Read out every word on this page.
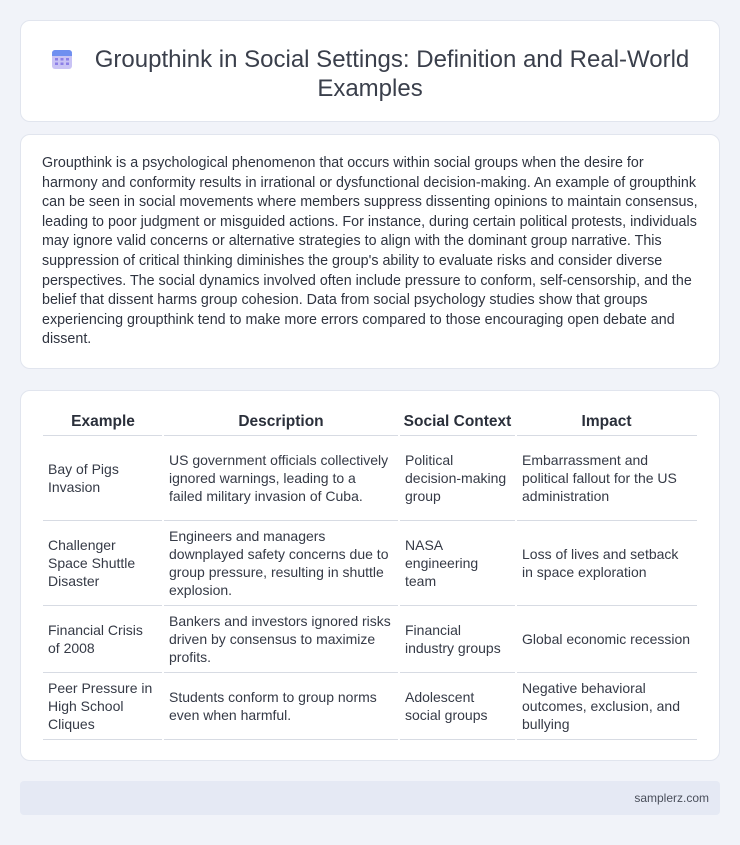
Groupthink in Social Settings: Definition and Real-World Examples

Groupthink is a psychological phenomenon that occurs within social groups when the desire for harmony and conformity results in irrational or dysfunctional decision-making. An example of groupthink can be seen in social movements where members suppress dissenting opinions to maintain consensus, leading to poor judgment or misguided actions. For instance, during certain political protests, individuals may ignore valid concerns or alternative strategies to align with the dominant group narrative. This suppression of critical thinking diminishes the group's ability to evaluate risks and consider diverse perspectives. The social dynamics involved often include pressure to conform, self-censorship, and the belief that dissent harms group cohesion. Data from social psychology studies show that groups experiencing groupthink tend to make more errors compared to those encouraging open debate and dissent.

Example	Description	Social Context	Impact
Bay of Pigs Invasion	US government officials collectively ignored warnings, leading to a failed military invasion of Cuba.	Political decision-making group	Embarrassment and political fallout for the US administration
Challenger Space Shuttle Disaster	Engineers and managers downplayed safety concerns due to group pressure, resulting in shuttle explosion.	NASA engineering team	Loss of lives and setback in space exploration
Financial Crisis of 2008	Bankers and investors ignored risks driven by consensus to maximize profits.	Financial industry groups	Global economic recession
Peer Pressure in High School Cliques	Students conform to group norms even when harmful.	Adolescent social groups	Negative behavioral outcomes, exclusion, and bullying
samplerz.com
